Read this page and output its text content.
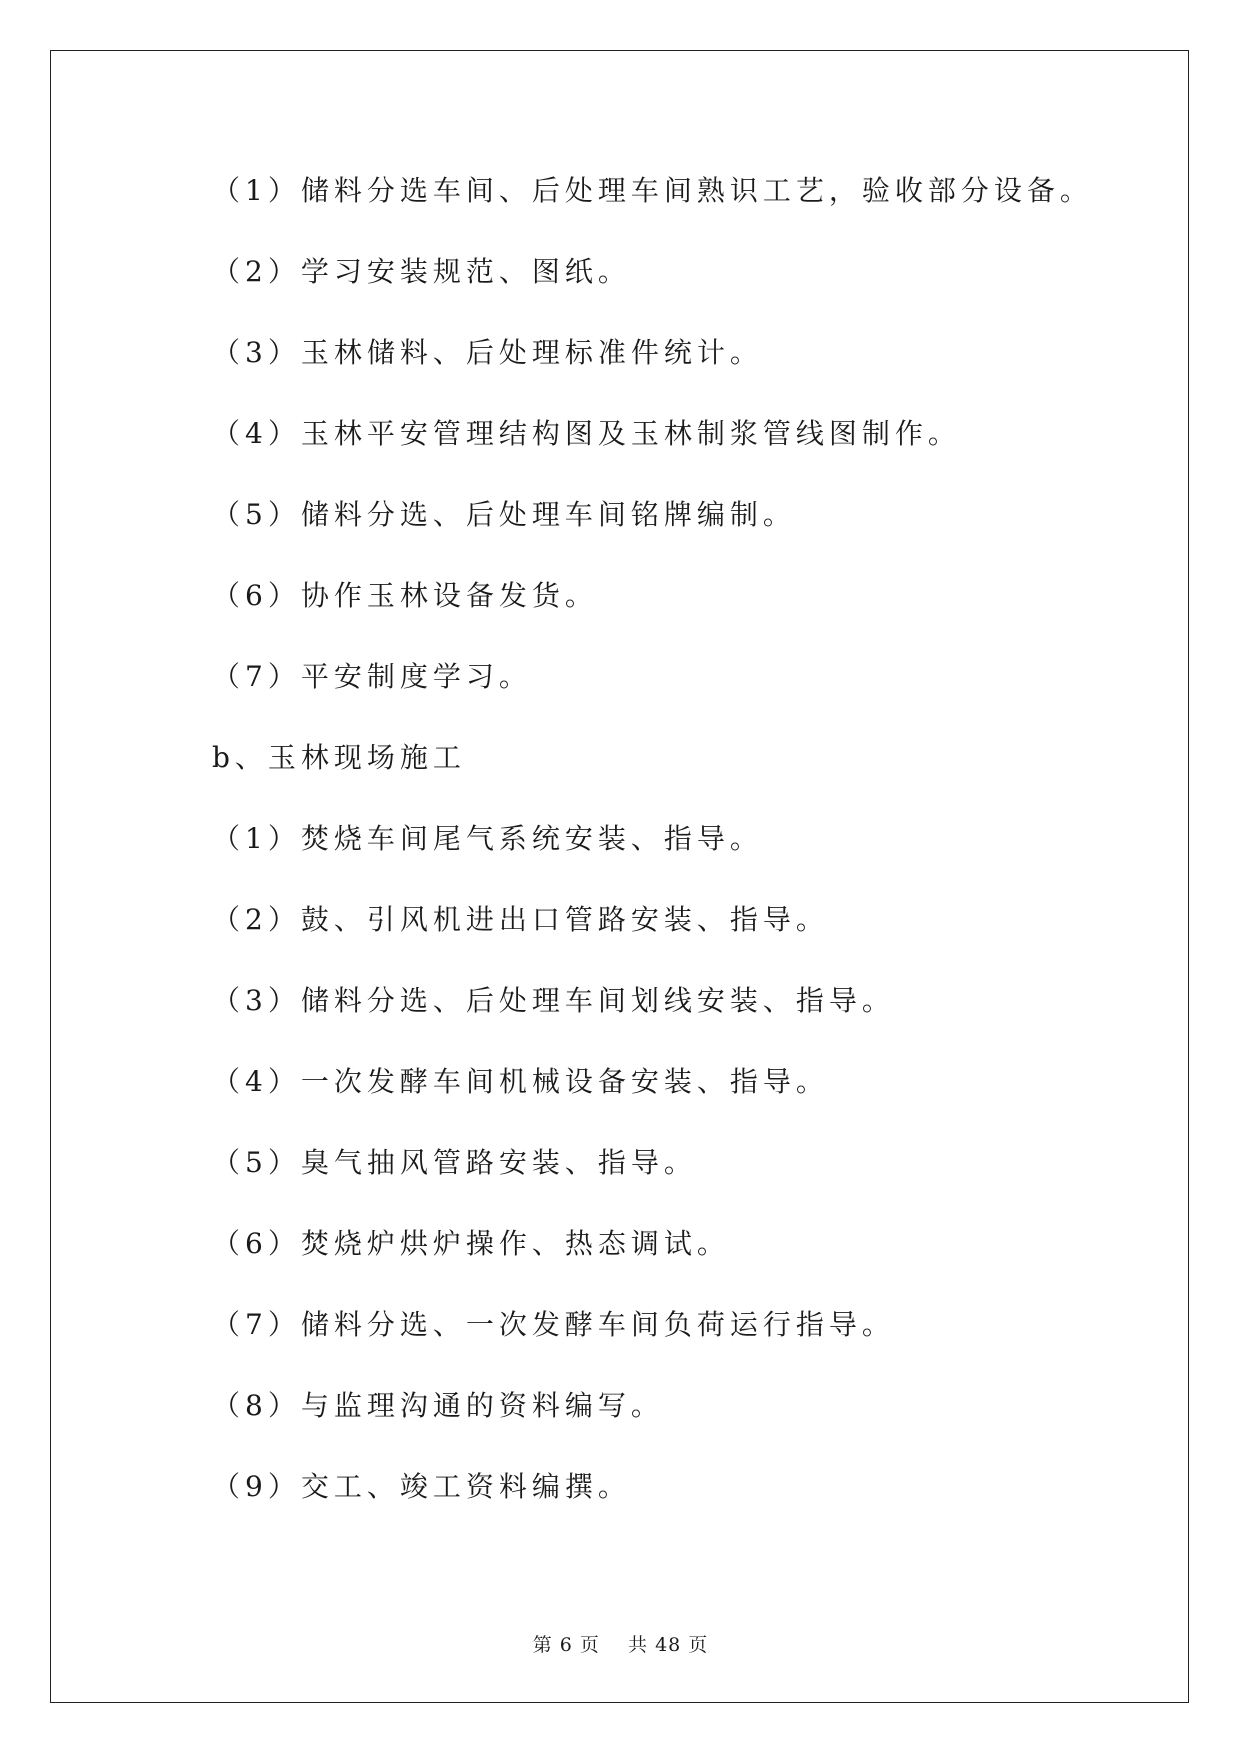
（1）储料分选车间、后处理车间熟识工艺，验收部分设备。
（2）学习安装规范、图纸。
（3）玉林储料、后处理标准件统计。
（4）玉林平安管理结构图及玉林制浆管线图制作。
（5）储料分选、后处理车间铭牌编制。
（6）协作玉林设备发货。
（7）平安制度学习。
b、玉林现场施工
（1）焚烧车间尾气系统安装、指导。
（2）鼓、引风机进出口管路安装、指导。
（3）储料分选、后处理车间划线安装、指导。
（4）一次发酵车间机械设备安装、指导。
（5）臭气抽风管路安装、指导。
（6）焚烧炉烘炉操作、热态调试。
（7）储料分选、一次发酵车间负荷运行指导。
（8）与监理沟通的资料编写。
（9）交工、竣工资料编撰。
第 6 页    共 48 页
